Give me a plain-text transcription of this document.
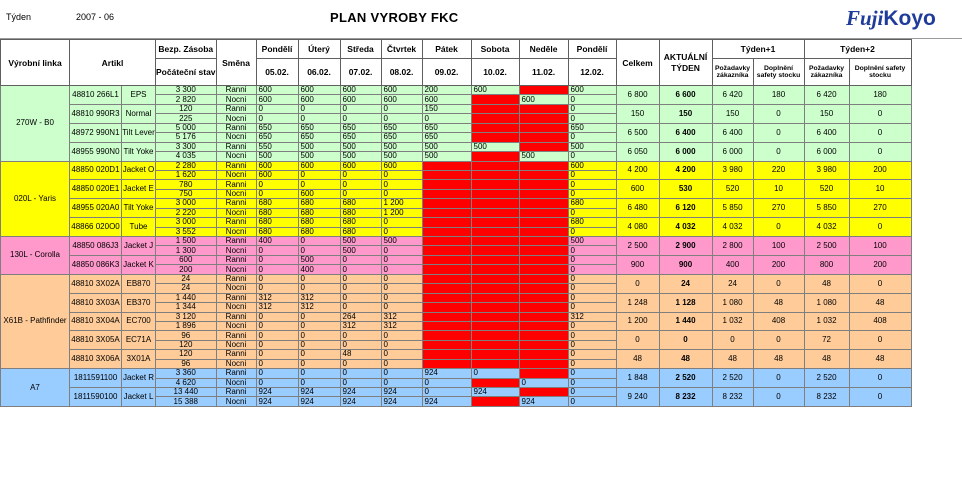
Týden	2007 - 06	PLAN VYROBY FKC	FujiKoyo
Výrobní linka	Artikl		Bezp. Zásoba	Směna	Pondělí	Úterý	Středa	Čtvrtek	Pátek	Sobota	Neděle	Pondělí	Celkem	AKTUÁLNÍ TÝDEN	Týden+1		Týden+2	
			Počáteční stav		05.02.	06.02.	07.02.	08.02.	09.02.	10.02.	11.02.	12.02.			Požadavky zákazníka	Doplnění safety stocku	Požadavky zákazníka	Doplnění safety stocku
270W - B0	48810 266L1	EPS	3 300	Ranni	600	600	600	600	200	600		600	6 800	6 600	6 420	180	6 420	180
			2 820	Nocni	600	600	600	600	600		600	0						
	48810 990R3	Normal	120	Ranni	0	0	0	0	150			0	150	150	150	0	150	0
			225	Nocni	0	0	0	0	0			0						
	48972 990N1	Tilt Lever	5 000	Ranni	650	650	650	650	650			650	6 500	6 400	6 400	0	6 400	0
			5 176	Nocni	650	650	650	650	650			0						
	48955 990N0	Tilt Yoke	3 300	Ranni	550	500	500	500	500	500		500	6 050	6 000	6 000	0	6 000	0
			4 035	Nocni	500	500	500	500	500		500	0						
020L - Yaris	48850 020D1	Jacket O	2 280	Ranni	600	600	600	600				600	4 200	4 200	3 980	220	3 980	200
			1 620	Nocni	600	0	0	0				0						
	48850 020E1	Jacket E	780	Ranni	0	0	0	0				0	600	530	520	10	520	10
			750	Nocni	0	600	0	0				0						
	48955 020A0	Tilt Yoke	3 000	Ranni	680	680	680	1 200				680	6 480	6 120	5 850	270	5 850	270
			2 220	Nocni	680	680	680	1 200				0						
	48866 020O0	Tube	3 000	Ranni	680	680	680	0				680	4 080	4 032	4 032	0	4 032	0
			3 552	Nocni	680	680	680	0				0						
130L - Corolla	48850 086J3	Jacket J	1 500	Ranni	400	0	500	500				500	2 500	2 900	2 800	100	2 500	100
			1 300	Nocni	0	0	500	0				0						
	48850 086K3	Jacket K	600	Ranni	0	500	0	0				0	900	900	400	200	800	200
			200	Nocni	0	400	0	0				0						
X61B - Pathfinder	48810 3X02A	EB870	24	Ranni	0	0	0	0				0	0	24	24	0	48	0
			24	Nocni	0	0	0	0				0						
	48810 3X03A	EB370	1 440	Ranni	312	312	0	0				0	1 248	1 128	1 080	48	1 080	48
			1 344	Nocni	312	312	0	0				0						
	48810 3X04A	EC700	3 120	Ranni	0	0	264	312				312	1 200	1 440	1 032	408	1 032	408
			1 896	Nocni	0	0	312	312				0						
	48810 3X05A	EC71A	96	Ranni	0	0	0	0				0	0	0	0	0	72	0
			120	Nocni	0	0	0	0				0						
	48810 3X06A	3X01A	120	Ranni	0	0	48	0				0	48	48	48	48	48	48
			96	Nocni	0	0	0	0				0						
A7	1811591100	Jacket R	3 360	Ranni	0	0	0	0	924	0		0	1 848	2 520	2 520	0	2 520	0
			4 620	Nocni	0	0	0	0	0		0	0						
	1811590100	Jacket L	13 440	Ranni	924	924	924	924	0	924		0	9 240	8 232	8 232	0	8 232	0
			15 388	Nocni	924	924	924	924	924		924	0						
